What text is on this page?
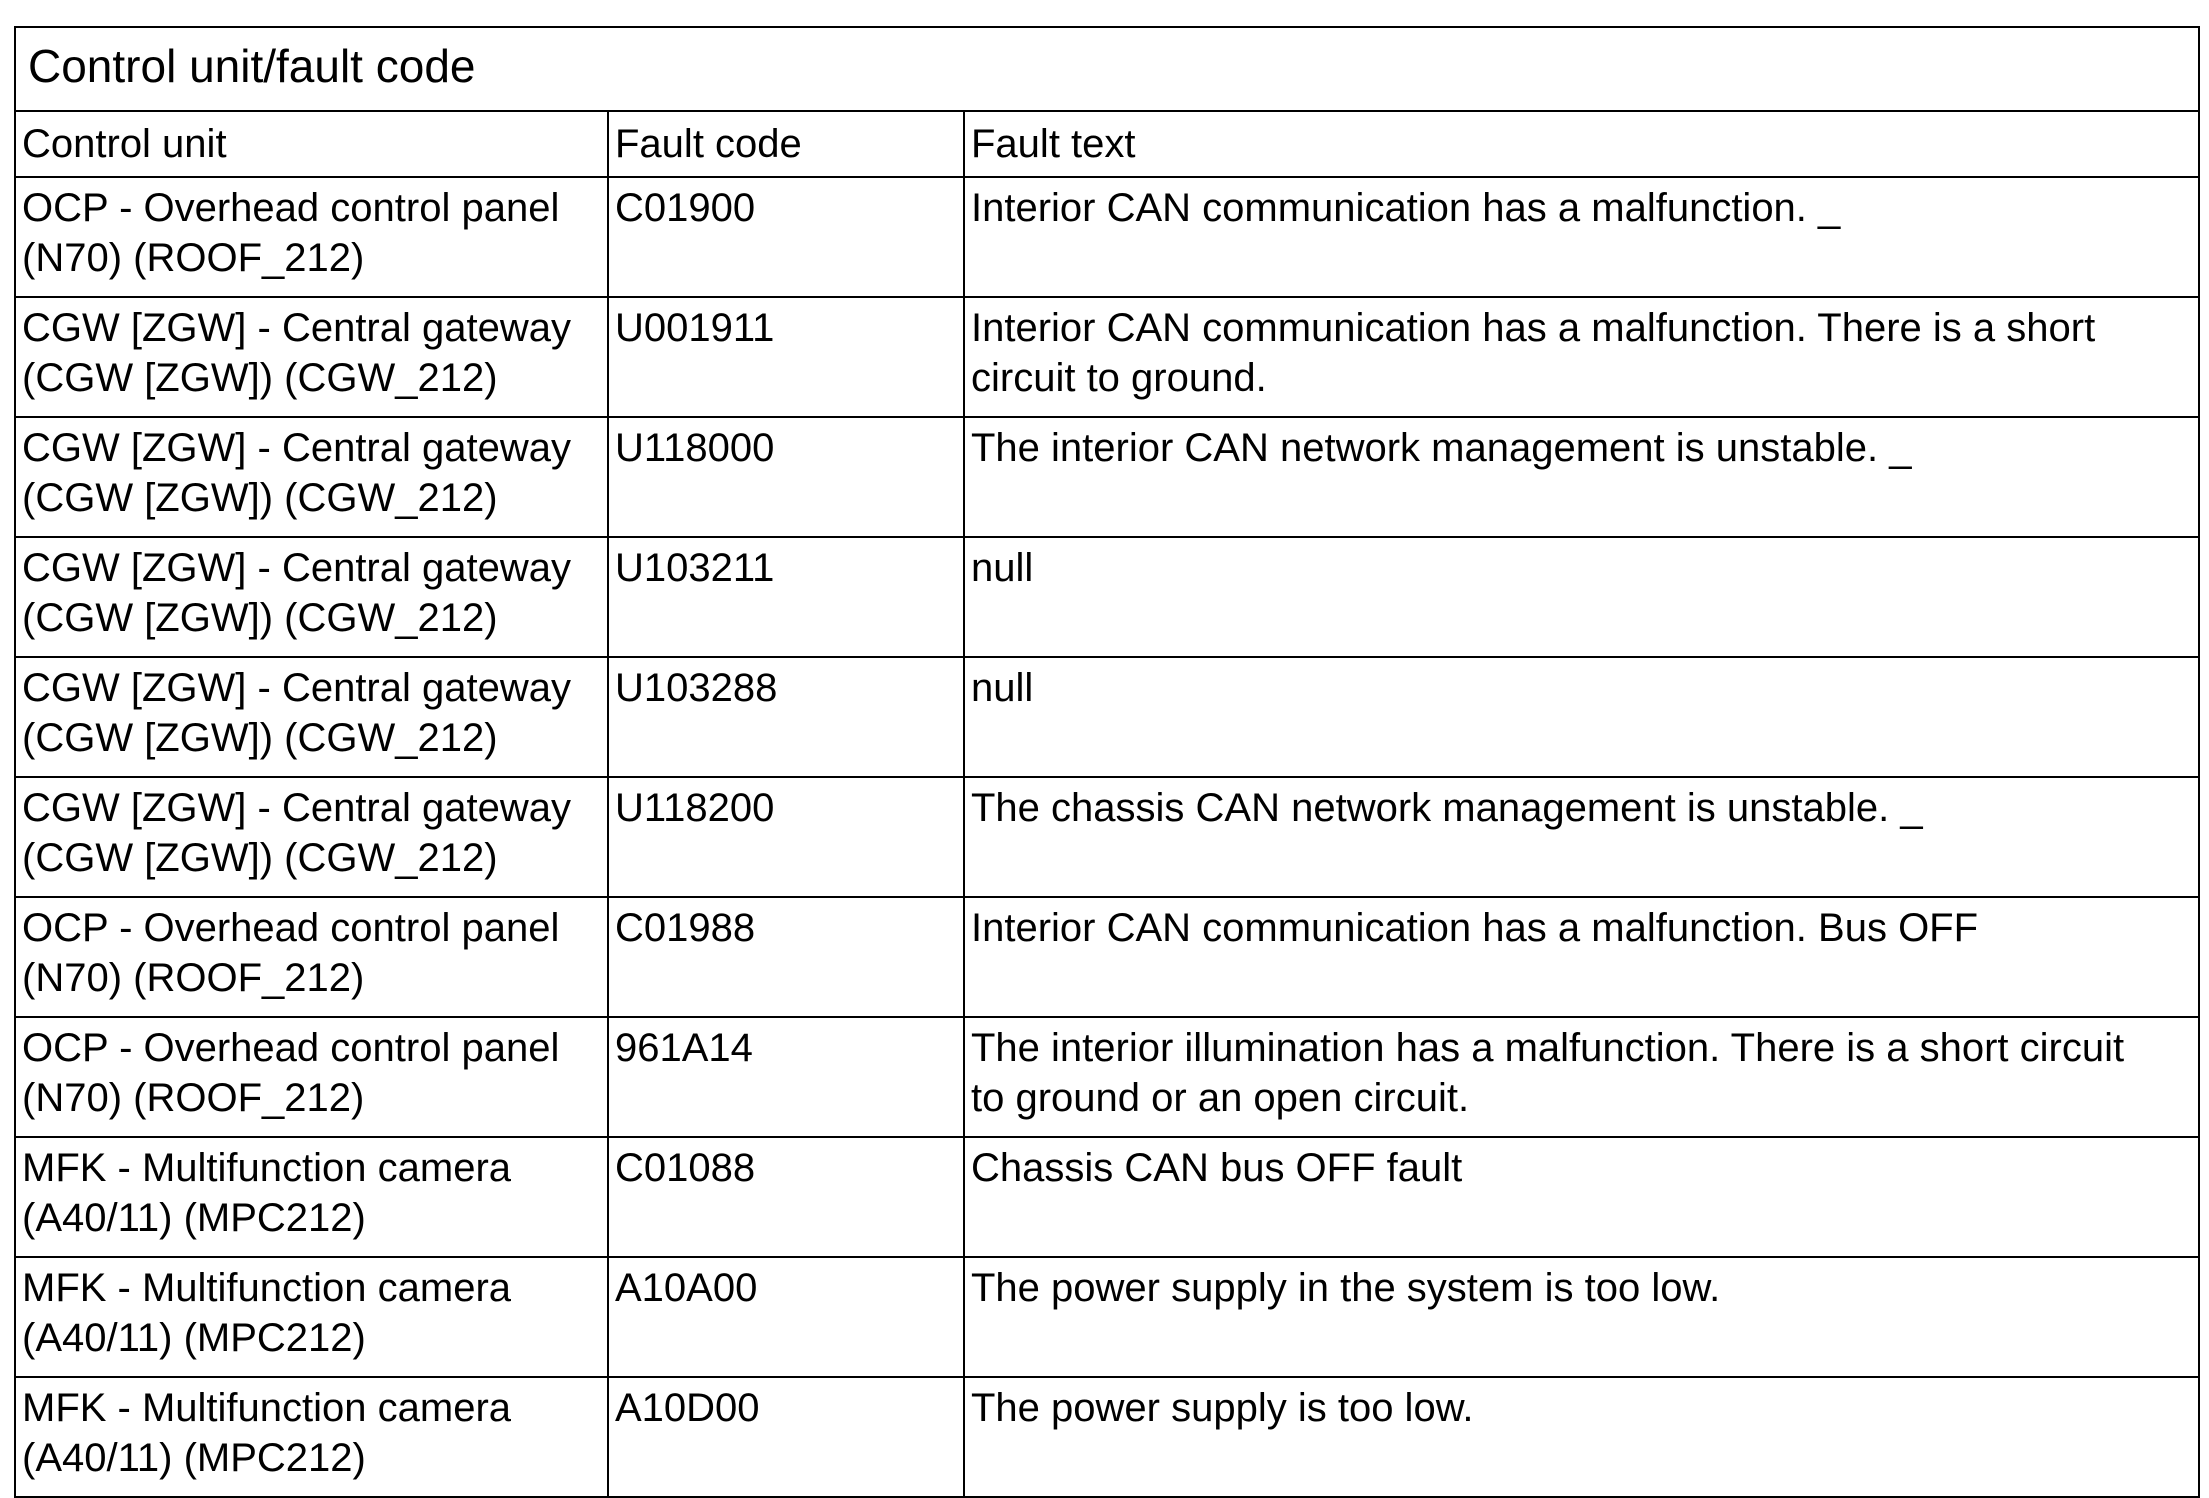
Control unit/fault code		
Control unit	Fault code	Fault text
OCP - Overhead control panel
(N70) (ROOF_212)	C01900	Interior CAN communication has a malfunction. _
CGW [ZGW] - Central gateway
(CGW [ZGW]) (CGW_212)	U001911	Interior CAN communication has a malfunction. There is a short
circuit to ground.
CGW [ZGW] - Central gateway
(CGW [ZGW]) (CGW_212)	U118000	The interior CAN network management is unstable. _
CGW [ZGW] - Central gateway
(CGW [ZGW]) (CGW_212)	U103211	null
CGW [ZGW] - Central gateway
(CGW [ZGW]) (CGW_212)	U103288	null
CGW [ZGW] - Central gateway
(CGW [ZGW]) (CGW_212)	U118200	The chassis CAN network management is unstable. _
OCP - Overhead control panel
(N70) (ROOF_212)	C01988	Interior CAN communication has a malfunction. Bus OFF
OCP - Overhead control panel
(N70) (ROOF_212)	961A14	The interior illumination has a malfunction. There is a short circuit
to ground or an open circuit.
MFK - Multifunction camera
(A40/11) (MPC212)	C01088	Chassis CAN bus OFF fault
MFK - Multifunction camera
(A40/11) (MPC212)	A10A00	The power supply in the system is too low.
MFK - Multifunction camera
(A40/11) (MPC212)	A10D00	The power supply is too low.
